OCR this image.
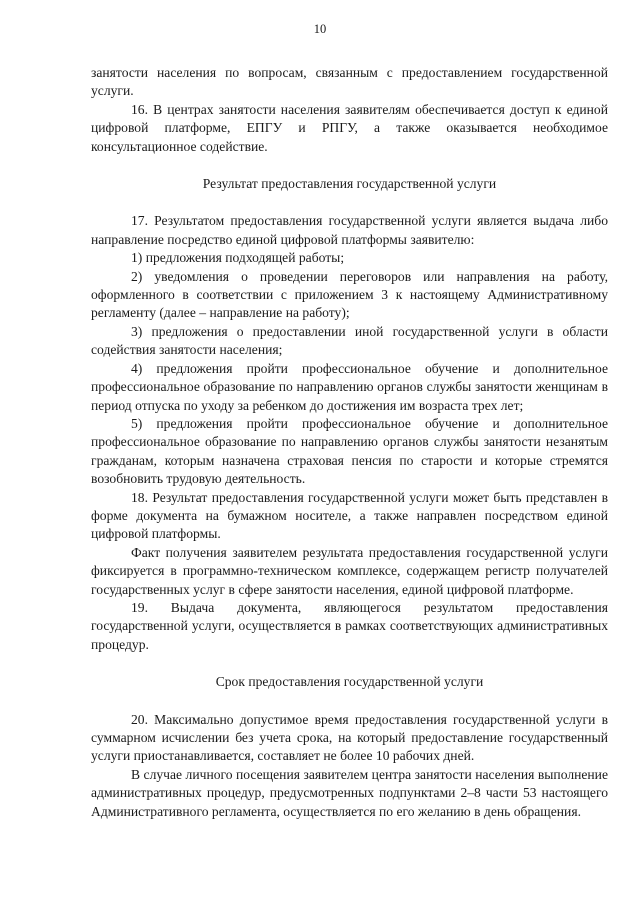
10

занятости населения по вопросам, связанным с предоставлением государственной услуги.

16. В центрах занятости населения заявителям обеспечивается доступ к единой цифровой платформе, ЕПГУ и РПГУ, а также оказывается необходимое консультационное содействие.

Результат предоставления государственной услуги

17. Результатом предоставления государственной услуги является выдача либо направление посредство единой цифровой платформы заявителю:

1) предложения подходящей работы;

2) уведомления о проведении переговоров или направления на работу, оформленного в соответствии с приложением 3 к настоящему Административному регламенту (далее – направление на работу);

3) предложения о предоставлении иной государственной услуги в области содействия занятости населения;

4) предложения пройти профессиональное обучение и дополнительное профессиональное образование по направлению органов службы занятости женщинам в период отпуска по уходу за ребенком до достижения им возраста трех лет;

5) предложения пройти профессиональное обучение и дополнительное профессиональное образование по направлению органов службы занятости незанятым гражданам, которым назначена страховая пенсия по старости и которые стремятся возобновить трудовую деятельность.

18. Результат предоставления государственной услуги может быть представлен в форме документа на бумажном носителе, а также направлен посредством единой цифровой платформы.

Факт получения заявителем результата предоставления государственной услуги фиксируется в программно-техническом комплексе, содержащем регистр получателей государственных услуг в сфере занятости населения, единой цифровой платформе.

19. Выдача документа, являющегося результатом предоставления государственной услуги, осуществляется в рамках соответствующих административных процедур.

Срок предоставления государственной услуги

20. Максимально допустимое время предоставления государственной услуги в суммарном исчислении без учета срока, на который предоставление государственный услуги приостанавливается, составляет не более 10 рабочих дней.

В случае личного посещения заявителем центра занятости населения выполнение административных процедур, предусмотренных подпунктами 2–8 части 53 настоящего Административного регламента, осуществляется по его желанию в день обращения.
